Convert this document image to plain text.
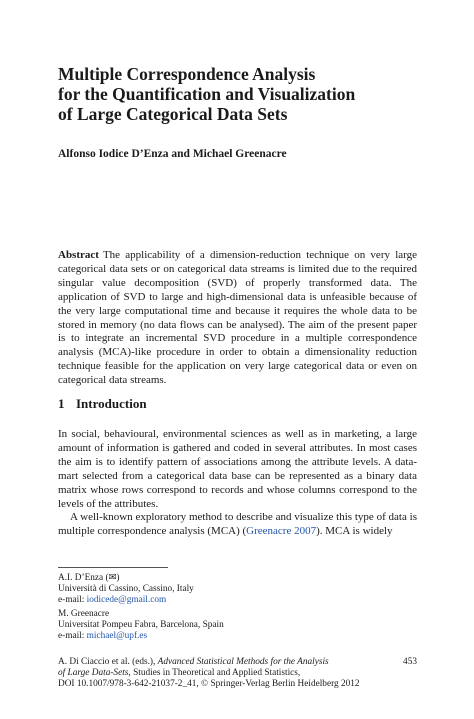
Multiple Correspondence Analysis
for the Quantification and Visualization
of Large Categorical Data Sets
Alfonso Iodice D’Enza and Michael Greenacre
Abstract The applicability of a dimension-reduction technique on very large categorical data sets or on categorical data streams is limited due to the required singular value decomposition (SVD) of properly transformed data. The application of SVD to large and high-dimensional data is unfeasible because of the very large computational time and because it requires the whole data to be stored in memory (no data flows can be analysed). The aim of the present paper is to integrate an incremental SVD procedure in a multiple correspondence analysis (MCA)-like procedure in order to obtain a dimensionality reduction technique feasible for the application on very large categorical data or even on categorical data streams.
1 Introduction

In social, behavioural, environmental sciences as well as in marketing, a large amount of information is gathered and coded in several attributes. In most cases the aim is to identify pattern of associations among the attribute levels. A data-mart selected from a categorical data base can be represented as a binary data matrix whose rows correspond to records and whose columns correspond to the levels of the attributes.

A well-known exploratory method to describe and visualize this type of data is multiple correspondence analysis (MCA) (Greenacre 2007). MCA is widely

A.I. D’Enza (✉)
Università di Cassino, Cassino, Italy
e-mail: iodicede@gmail.com
M. Greenacre
Universitat Pompeu Fabra, Barcelona, Spain
e-mail: michael@upf.es
A. Di Ciaccio et al. (eds.), Advanced Statistical Methods for the Analysis
of Large Data-Sets, Studies in Theoretical and Applied Statistics,
DOI 10.1007/978-3-642-21037-2_41, © Springer-Verlag Berlin Heidelberg 2012
453
